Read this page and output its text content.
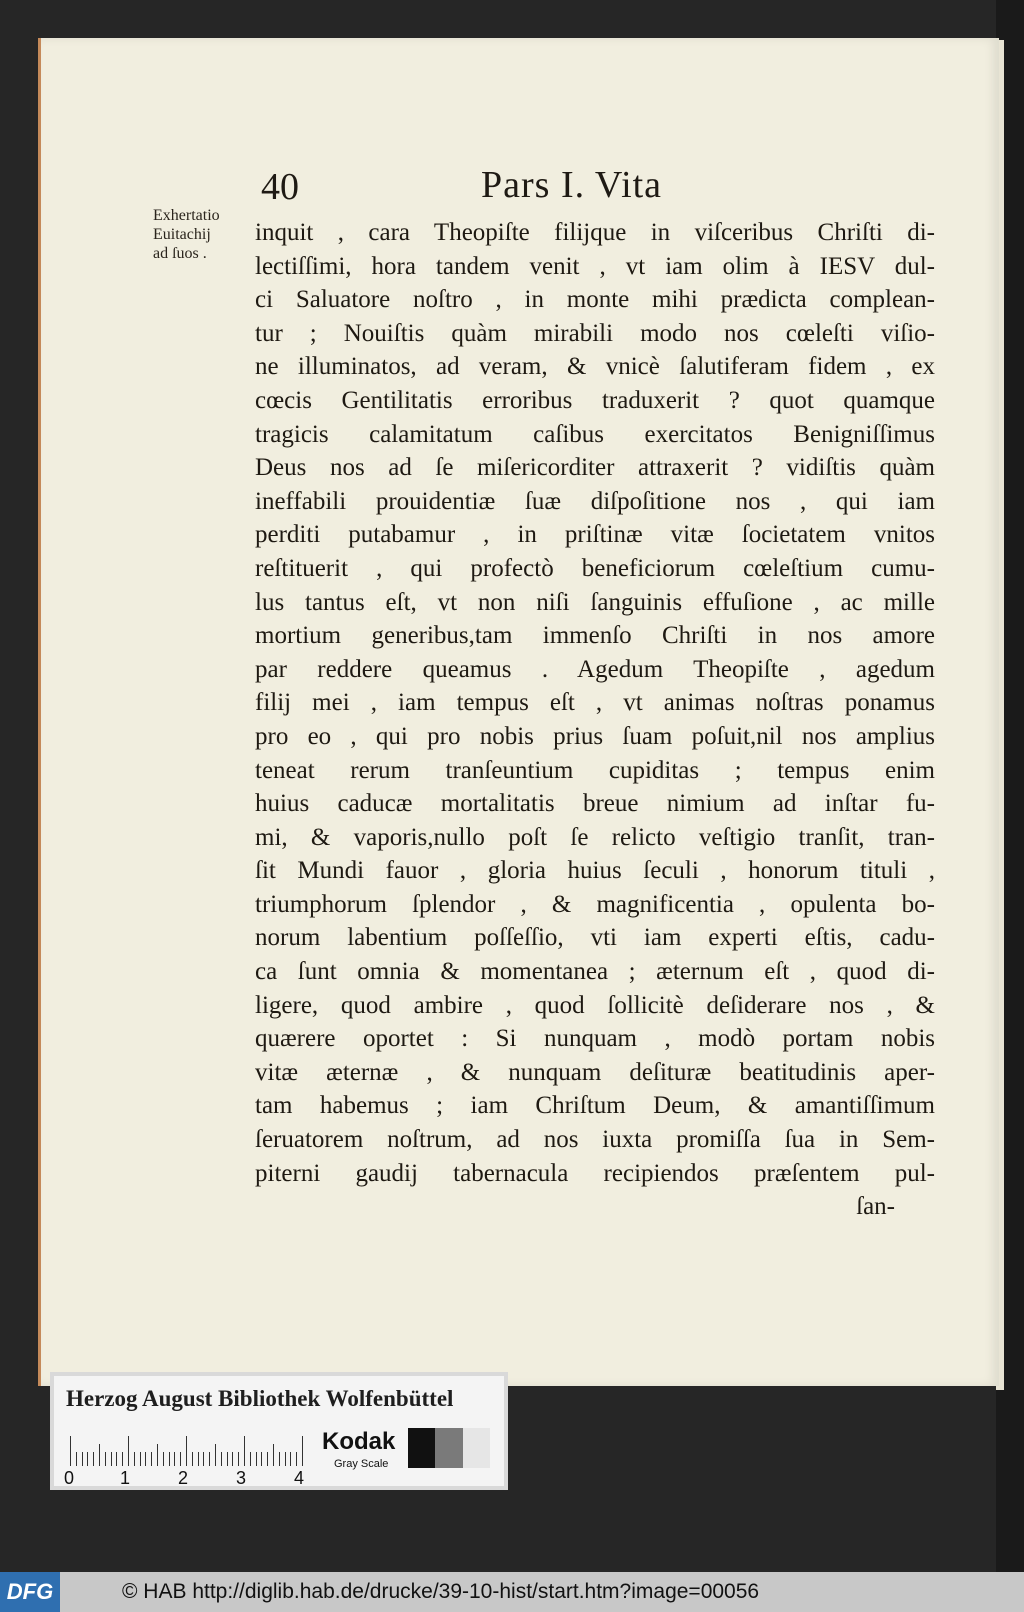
40	Pars I. Vita
Exhertatio
Euitachij
ad ſuos .
inquit , cara Theopiſte filijque in viſceribus Chriſti di-
lectiſſimi, hora tandem venit , vt iam olim à IESV dul-
ci Saluatore noſtro , in monte mihi prædicta complean-
tur ; Nouiſtis quàm mirabili modo nos cœleſti viſio-
ne illuminatos, ad veram, & vnicè ſalutiferam fidem , ex
cœcis Gentilitatis erroribus traduxerit ? quot quamque
tragicis calamitatum caſibus exercitatos Benigniſſimus
Deus nos ad ſe miſericorditer attraxerit ? vidiſtis quàm
ineffabili prouidentiæ ſuæ diſpoſitione nos , qui iam
perditi putabamur , in priſtinæ vitæ ſocietatem vnitos
reſtituerit , qui profectò beneficiorum cœleſtium cumu-
lus tantus eſt, vt non niſi ſanguinis effuſione , ac mille
mortium generibus,tam immenſo Chriſti in nos amore
par reddere queamus . Agedum Theopiſte , agedum
filij mei , iam tempus eſt , vt animas noſtras ponamus
pro eo , qui pro nobis prius ſuam poſuit,nil nos amplius
teneat rerum tranſeuntium cupiditas ; tempus enim
huius caducæ mortalitatis breue nimium ad inſtar fu-
mi, & vaporis,nullo poſt ſe relicto veſtigio tranſit, tran-
ſit Mundi fauor , gloria huius ſeculi , honorum tituli ,
triumphorum ſplendor , & magnificentia , opulenta bo-
norum labentium poſſeſſio, vti iam experti eſtis, cadu-
ca ſunt omnia & momentanea ; æternum eſt , quod di-
ligere, quod ambire , quod ſollicitè deſiderare nos , &
quærere oportet : Si nunquam , modò portam nobis
vitæ æternæ , & nunquam deſituræ beatitudinis aper-
tam habemus ; iam Chriſtum Deum, & amantiſſimum
ſeruatorem noſtrum, ad nos iuxta promiſſa ſua in Sem-
piterni gaudij tabernacula recipiendos præſentem pul-
ſan-
Herzog August Bibliothek Wolfenbüttel
0	1	2	3	4
Kodak
Gray Scale
DFG	© HAB http://diglib.hab.de/drucke/39-10-hist/start.htm?image=00056
